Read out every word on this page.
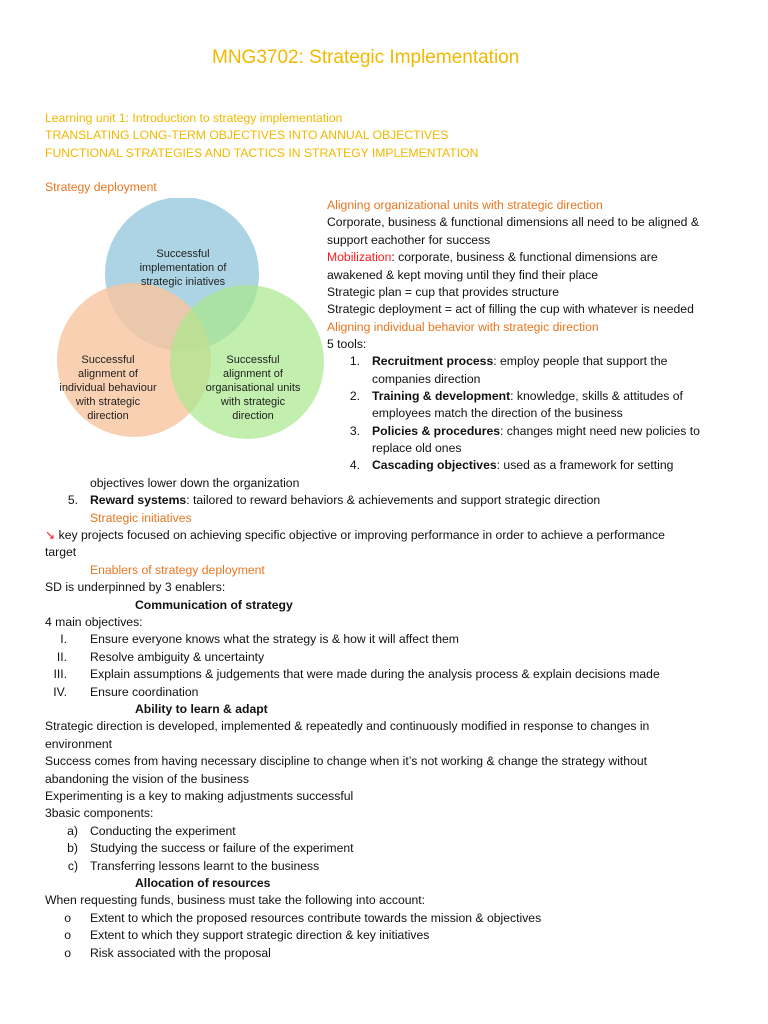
MNG3702: Strategic Implementation
Learning unit 1: Introduction to strategy implementation
TRANSLATING LONG-TERM OBJECTIVES INTO ANNUAL OBJECTIVES
FUNCTIONAL STRATEGIES AND TACTICS IN STRATEGY IMPLEMENTATION
Strategy deployment
Successful implementation of strategic iniatives
Successful alignment of individual behaviour with strategic direction
Successful alignment of organisational units with strategic direction
Aligning organizational units with strategic direction
Corporate, business & functional dimensions all need to be aligned &
support eachother for success
Mobilization: corporate, business & functional dimensions are
awakened & kept moving until they find their place
Strategic plan = cup that provides structure
Strategic deployment = act of filling the cup with whatever is needed
Aligning individual behavior with strategic direction
5 tools:
1. Recruitment process: employ people that support the
companies direction
2. Training & development: knowledge, skills & attitudes of
employees match the direction of the business
3. Policies & procedures: changes might need new policies to
replace old ones
4. Cascading objectives: used as a framework for setting
objectives lower down the organization
5. Reward systems: tailored to reward behaviors & achievements and support strategic direction
Strategic initiatives
↘ key projects focused on achieving specific objective or improving performance in order to achieve a performance
target
Enablers of strategy deployment
SD is underpinned by 3 enablers:
Communication of strategy
4 main objectives:
I. Ensure everyone knows what the strategy is & how it will affect them
II. Resolve ambiguity & uncertainty
III. Explain assumptions & judgements that were made during the analysis process & explain decisions made
IV. Ensure coordination
Ability to learn & adapt
Strategic direction is developed, implemented & repeatedly and continuously modified in response to changes in
environment
Success comes from having necessary discipline to change when it’s not working & change the strategy without
abandoning the vision of the business
Experimenting is a key to making adjustments successful
3basic components:
a) Conducting the experiment
b) Studying the success or failure of the experiment
c) Transferring lessons learnt to the business
Allocation of resources
When requesting funds, business must take the following into account:
o Extent to which the proposed resources contribute towards the mission & objectives
o Extent to which they support strategic direction & key initiatives
o Risk associated with the proposal
